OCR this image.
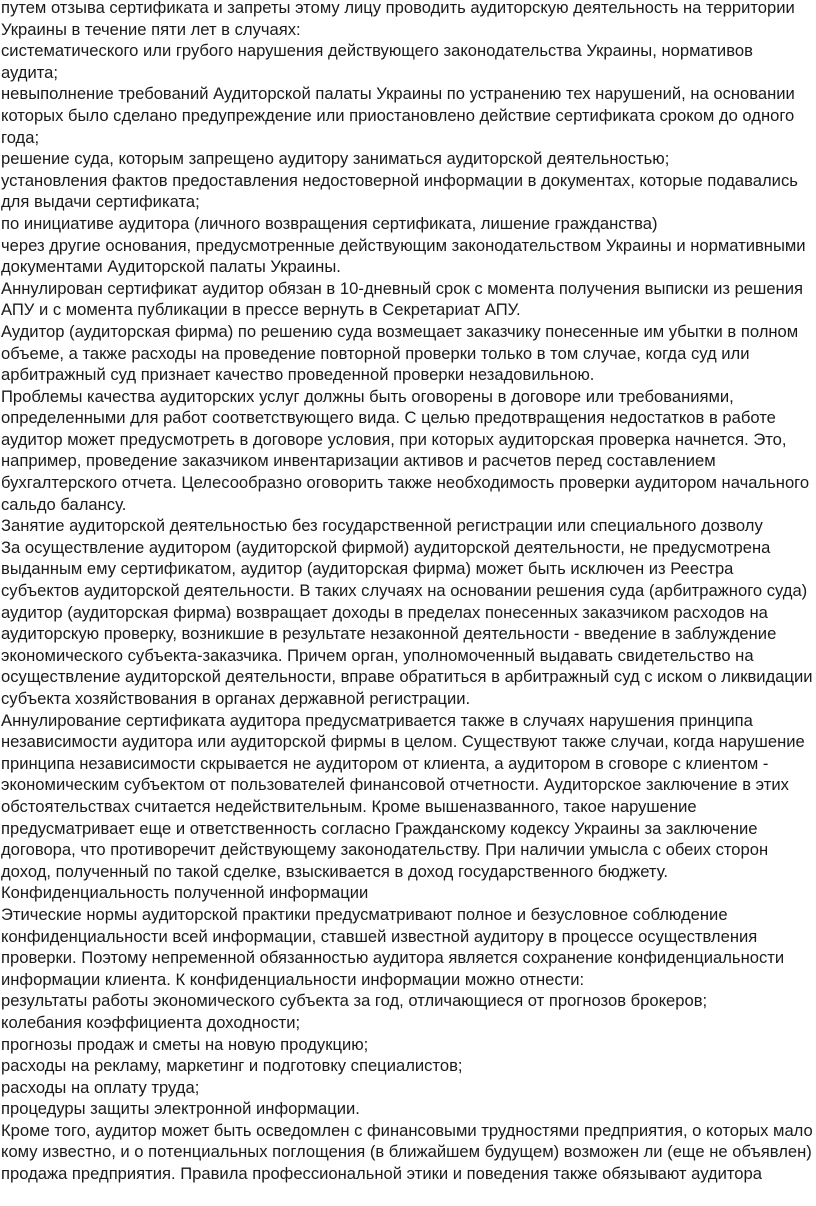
путем отзыва сертификата и запреты этому лицу проводить аудиторскую деятельность на территории Украины в течение пяти лет в случаях:

систематического или грубого нарушения действующего законодательства Украины, нормативов аудита;

невыполнение требований Аудиторской палаты Украины по устранению тех нарушений, на основании которых было сделано предупреждение или приостановлено действие сертификата сроком до одного года;

решение суда, которым запрещено аудитору заниматься аудиторской деятельностью;

установления фактов предоставления недостоверной информации в документах, которые подавались для выдачи сертификата;

по инициативе аудитора (личного возвращения сертификата, лишение гражданства)

через другие основания, предусмотренные действующим законодательством Украины и нормативными документами Аудиторской палаты Украины.

Аннулирован сертификат аудитор обязан в 10-дневный срок с момента получения выписки из решения АПУ и с момента публикации в прессе вернуть в Секретариат АПУ.

Аудитор (аудиторская фирма) по решению суда возмещает заказчику понесенные им убытки в полном объеме, а также расходы на проведение повторной проверки только в том случае, когда суд или арбитражный суд признает качество проведенной проверки незадовильною.

Проблемы качества аудиторских услуг должны быть оговорены в договоре или требованиями, определенными для работ соответствующего вида. С целью предотвращения недостатков в работе аудитор может предусмотреть в договоре условия, при которых аудиторская проверка начнется. Это, например, проведение заказчиком инвентаризации активов и расчетов перед составлением бухгалтерского отчета. Целесообразно оговорить также необходимость проверки аудитором начального сальдо балансу.

Занятие аудиторской деятельностью без государственной регистрации или специального дозволу

За осуществление аудитором (аудиторской фирмой) аудиторской деятельности, не предусмотрена выданным ему сертификатом, аудитор (аудиторская фирма) может быть исключен из Реестра субъектов аудиторской деятельности. В таких случаях на основании решения суда (арбитражного суда) аудитор (аудиторская фирма) возвращает доходы в пределах понесенных заказчиком расходов на аудиторскую проверку, возникшие в результате незаконной деятельности - введение в заблуждение экономического субъекта-заказчика. Причем орган, уполномоченный выдавать свидетельство на осуществление аудиторской деятельности, вправе обратиться в арбитражный суд с иском о ликвидации субъекта хозяйствования в органах державной регистрации.

Аннулирование сертификата аудитора предусматривается также в случаях нарушения принципа независимости аудитора или аудиторской фирмы в целом. Существуют также случаи, когда нарушение принципа независимости скрывается не аудитором от клиента, а аудитором в сговоре с клиентом - экономическим субъектом от пользователей финансовой отчетности. Аудиторское заключение в этих обстоятельствах считается недействительным. Кроме вышеназванного, такое нарушение предусматривает еще и ответственность согласно Гражданскому кодексу Украины за заключение договора, что противоречит действующему законодательству. При наличии умысла с обеих сторон доход, полученный по такой сделке, взыскивается в доход государственного бюджету.

Конфиденциальность полученной информации

Этические нормы аудиторской практики предусматривают полное и безусловное соблюдение конфиденциальности всей информации, ставшей известной аудитору в процессе осуществления проверки. Поэтому непременной обязанностью аудитора является сохранение конфиденциальности информации клиента. К конфиденциальности информации можно отнести:

результаты работы экономического субъекта за год, отличающиеся от прогнозов брокеров;

колебания коэффициента доходности;

прогнозы продаж и сметы на новую продукцию;

расходы на рекламу, маркетинг и подготовку специалистов;

расходы на оплату труда;

процедуры защиты электронной информации.

Кроме того, аудитор может быть осведомлен с финансовыми трудностями предприятия, о которых мало кому известно, и о потенциальных поглощения (в ближайшем будущем) возможен ли (еще не объявлен) продажа предприятия. Правила профессиональной этики и поведения также обязывают аудитора
